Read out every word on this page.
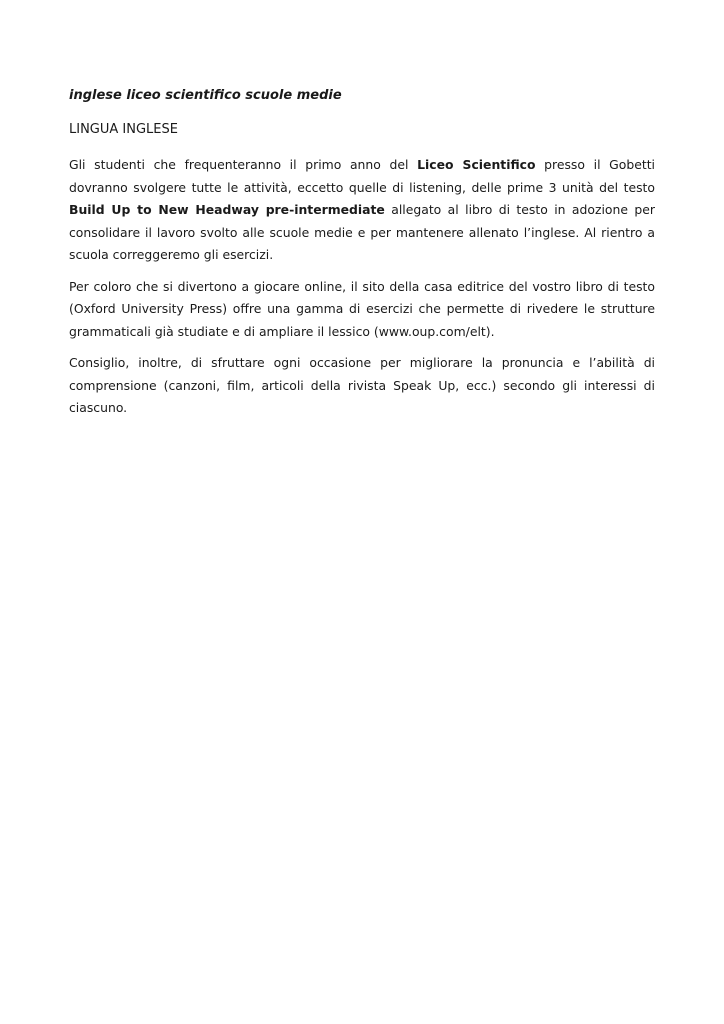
inglese liceo scientifico scuole medie

LINGUA INGLESE

Gli studenti che frequenteranno il primo anno del Liceo Scientifico presso il Gobetti dovranno svolgere tutte le attività, eccetto quelle di listening, delle prime 3 unità del testo Build Up to New Headway pre-intermediate allegato al libro di testo in adozione per consolidare il lavoro svolto alle scuole medie e per mantenere allenato l’inglese. Al rientro a scuola correggeremo gli esercizi.

Per coloro che si divertono a giocare online, il sito della casa editrice del vostro libro di testo (Oxford University Press) offre una gamma di esercizi che permette di rivedere le strutture grammaticali già studiate e di ampliare il lessico (www.oup.com/elt).

Consiglio, inoltre, di sfruttare ogni occasione per migliorare la pronuncia e l’abilità di comprensione (canzoni, film, articoli della rivista Speak Up, ecc.) secondo gli interessi di ciascuno.
